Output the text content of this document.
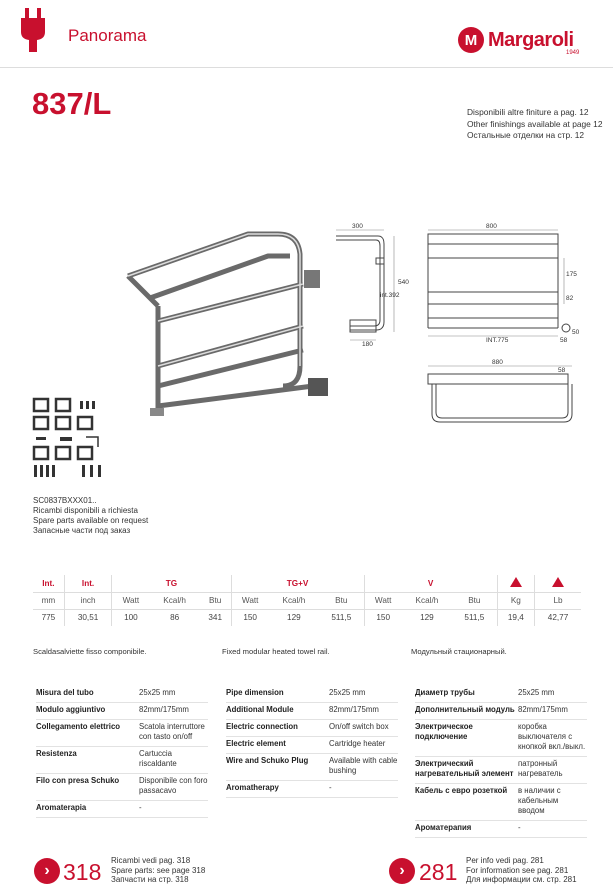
Panorama	M Margaroli
1949
837/L	Disponibili altre finiture a pag. 12
Other finishings available at page 12
Остальные отделки на стр. 12
300
540
int.392
180
800
175
82
INT.775	58
50
880
58
SC0837BXXX01..
Ricambi disponibili a richiesta
Spare parts available on request
Запасные части под заказ
Int.	Int.	TG			TG+V			V				
mm	inch	Watt	Kcal/h	Btu	Watt	Kcal/h	Btu	Watt	Kcal/h	Btu	Kg	Lb
775	30,51	100	86	341	150	129	511,5	150	129	511,5	19,4	42,77
Scaldasalviette fisso componibile.	Fixed modular heated towel rail.	Модульный стационарный.
Misura del tubo	25x25 mm
Modulo aggiuntivo	82mm/175mm
Collegamento elettrico	Scatola interruttore con tasto on/off
Resistenza	Cartuccia riscaldante
Filo con presa Schuko	Disponibile con foro passacavo
Aromaterapia	-
Pipe dimension	25x25 mm
Additional Module	82mm/175mm
Electric connection	On/off switch box
Electric element	Cartridge heater
Wire and Schuko Plug	Available with cable bushing
Aromatherapy	-
Диаметр трубы	25x25 mm
Дополнительный модуль	82mm/175mm
Электрическое подключение	коробка выключателя с кнопкой вкл./выкл.
Электрический нагревательный элемент	патронный нагреватель
Кабель с евро розеткой	в наличии с кабельным вводом
Ароматерапия	-
› 318 Ricambi vedi pag. 318
Spare parts: see page 318
Запчасти на стр. 318
› 281 Per info vedi pag. 281
For information see pag. 281
Для информации см. стр. 281
